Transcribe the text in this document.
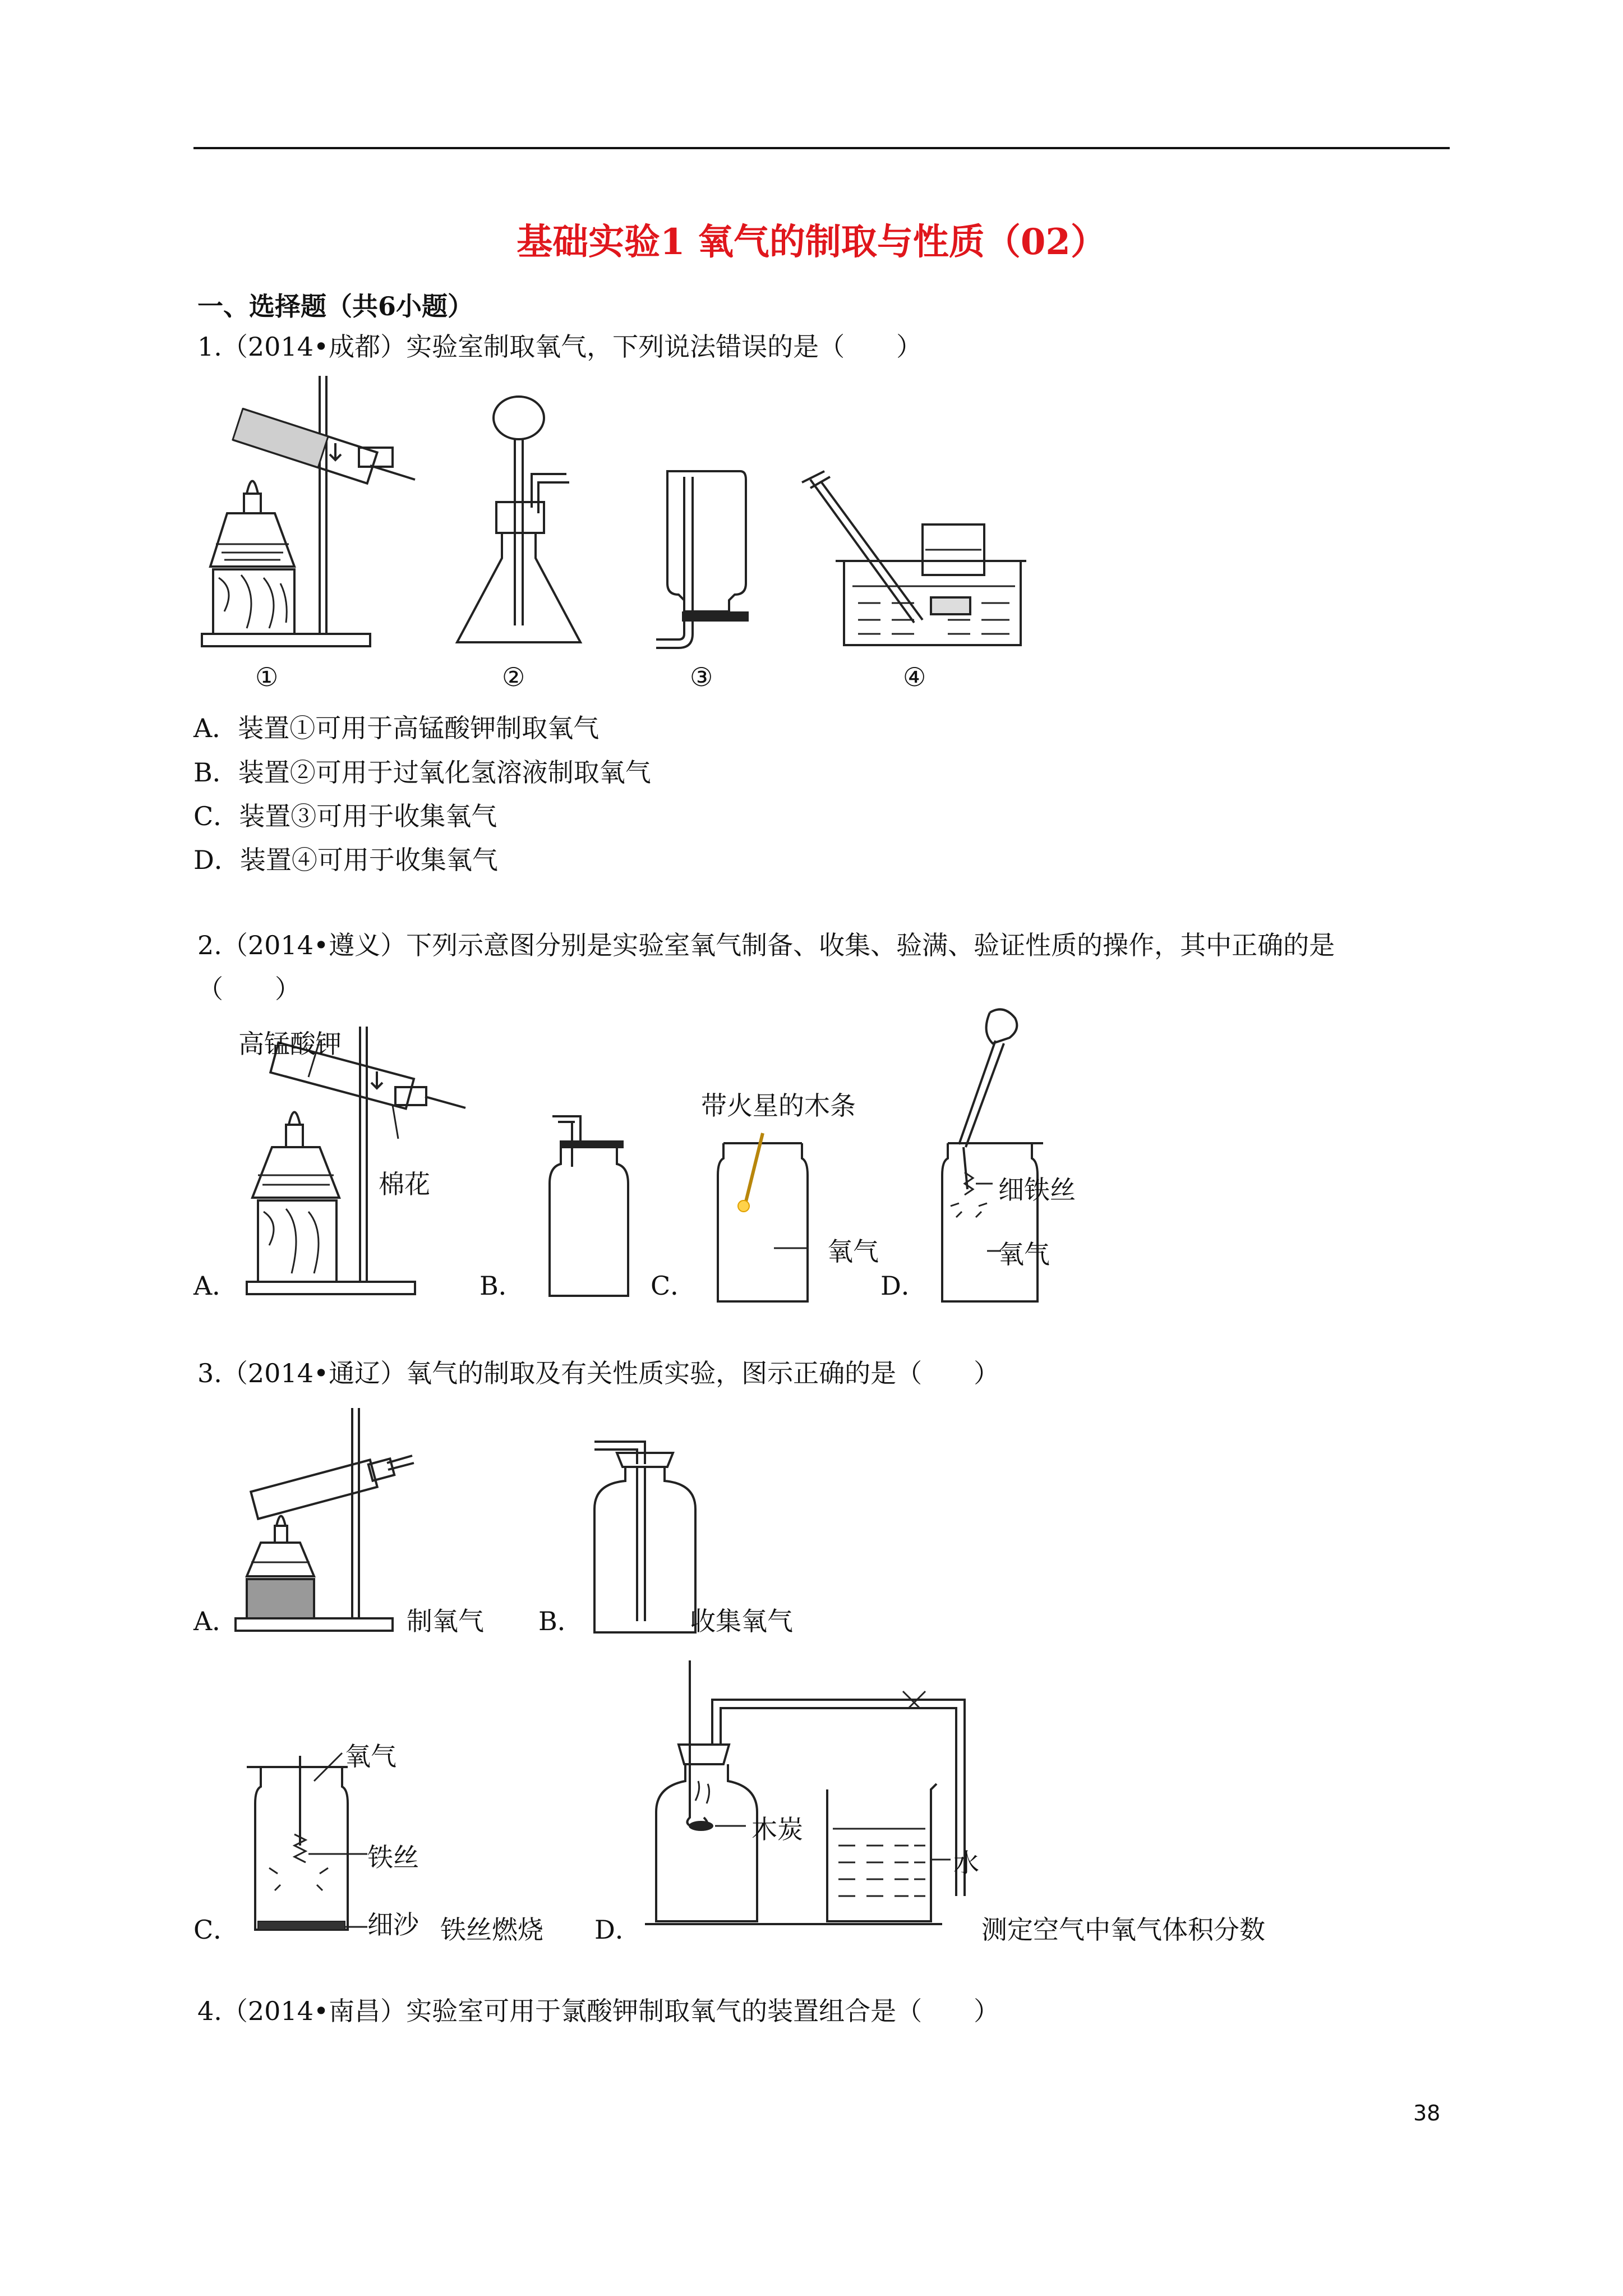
基础实验1 氧气的制取与性质（02）
一、选择题（共6小题）
1.（2014•成都）实验室制取氧气，下列说法错误的是（　　）
①	②	③	④
A．装置①可用于高锰酸钾制取氧气
B．装置②可用于过氧化氢溶液制取氧气
C．装置③可用于收集氧气
D．装置④可用于收集氧气
2.（2014•遵义）下列示意图分别是实验室氧气制备、收集、验满、验证性质的操作，其中正确的是
（　　）
高锰酸钾
棉花
A．	B．
带火星的木条
氧气
C．
细铁丝
氧气
D．
3.（2014•通辽）氧气的制取及有关性质实验，图示正确的是（　　）
A．	制氧气 B．	收集氧气
氧气
铁丝
细沙
C．	铁丝燃烧
木炭
水
D．	测定空气中氧气体积分数
4.（2014•南昌）实验室可用于氯酸钾制取氧气的装置组合是（　　）
38
